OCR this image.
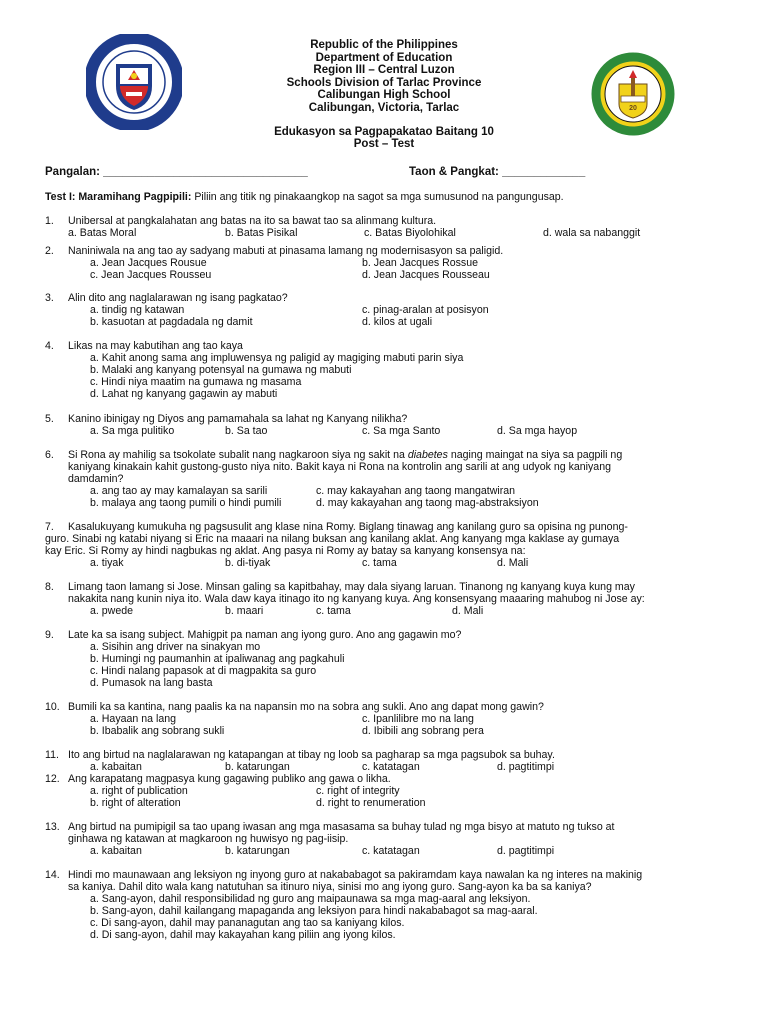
20
Republic of the Philippines
Department of Education
Region III – Central Luzon
Schools Division of Tarlac Province
Calibungan High School
Calibungan, Victoria, Tarlac
Edukasyon sa Pagpapakatao Baitang 10
Post – Test
Pangalan: ________________________________	Taon & Pangkat: _____________
Test I: Maramihang Pagpipili: Piliin ang titik ng pinakaangkop na sagot sa mga sumusunod na pangungusap.
1. Unibersal at pangkalahatan ang batas na ito sa bawat tao sa alinmang kultura.
a. Batas Moral	b. Batas Pisikal	c. Batas Biyolohikal	d. wala sa nabanggit
2. Naniniwala na ang tao ay sadyang mabuti at pinasama lamang ng modernisasyon sa paligid.
a. Jean Jacques Rousue	b. Jean Jacques Rossue
c. Jean Jacques Rousseu	d. Jean Jacques Rousseau
3. Alin dito ang naglalarawan ng isang pagkatao?
a. tindig ng katawan	c. pinag-aralan at posisyon
b. kasuotan at pagdadala ng damit	d. kilos at ugali
4. Likas na may kabutihan ang tao kaya
a. Kahit anong sama ang impluwensya ng paligid ay magiging mabuti parin siya
b. Malaki ang kanyang potensyal na gumawa ng mabuti
c. Hindi niya maatim na gumawa ng masama
d. Lahat ng kanyang gagawin ay mabuti
5. Kanino ibinigay ng Diyos ang pamamahala sa lahat ng Kanyang nilikha?
a. Sa mga pulitiko	b. Sa tao	c. Sa mga Santo	d. Sa mga hayop
6. Si Rona ay mahilig sa tsokolate subalit nang nagkaroon siya ng sakit na diabetes naging maingat na siya sa pagpili ng
kaniyang kinakain kahit gustong-gusto niya nito. Bakit kaya ni Rona na kontrolin ang sarili at ang udyok ng kaniyang
damdamin?
a. ang tao ay may kamalayan sa sarili	c. may kakayahan ang taong mangatwiran
b. malaya ang taong pumili o hindi pumili	d. may kakayahan ang taong mag-abstraksiyon
7. Kasalukuyang kumukuha ng pagsusulit ang klase nina Romy. Biglang tinawag ang kanilang guro sa opisina ng punong-
guro. Sinabi ng katabi niyang si Eric na maaari na nilang buksan ang kanilang aklat. Ang kanyang mga kaklase ay gumaya
kay Eric. Si Romy ay hindi nagbukas ng aklat. Ang pasya ni Romy ay batay sa kanyang konsensya na:
a. tiyak	b. di-tiyak	c. tama	d. Mali
8. Limang taon lamang si Jose. Minsan galing sa kapitbahay, may dala siyang laruan. Tinanong ng kanyang kuya kung may
nakakita nang kunin niya ito. Wala daw kaya itinago ito ng kanyang kuya. Ang konsensyang maaaring mahubog ni Jose ay:
a. pwede	b. maari	c. tama	d. Mali
9. Late ka sa isang subject. Mahigpit pa naman ang iyong guro. Ano ang gagawin mo?
a. Sisihin ang driver na sinakyan mo
b. Humingi ng paumanhin at ipaliwanag ang pagkahuli
c. Hindi nalang papasok at di magpakita sa guro
d. Pumasok na lang basta
10. Bumili ka sa kantina, nang paalis ka na napansin mo na sobra ang sukli. Ano ang dapat mong gawin?
a. Hayaan na lang	c. Ipanlilibre mo na lang
b. Ibabalik ang sobrang sukli	d. Ibibili ang sobrang pera
11. Ito ang birtud na naglalarawan ng katapangan at tibay ng loob sa pagharap sa mga pagsubok sa buhay.
a. kabaitan	b. katarungan	c. katatagan	d. pagtitimpi
12. Ang karapatang magpasya kung gagawing publiko ang gawa o likha.
a. right of publication	c. right of integrity
b. right of alteration	d. right to renumeration
13. Ang birtud na pumipigil sa tao upang iwasan ang mga masasama sa buhay tulad ng mga bisyo at matuto ng tukso at
ginhawa ng katawan at magkaroon ng huwisyo ng pag-iisip.
a. kabaitan	b. katarungan	c. katatagan	d. pagtitimpi
14. Hindi mo maunawaan ang leksiyon ng inyong guro at nakababagot sa pakiramdam kaya nawalan ka ng interes na makinig
sa kaniya. Dahil dito wala kang natutuhan sa itinuro niya, sinisi mo ang iyong guro. Sang-ayon ka ba sa kaniya?
a. Sang-ayon, dahil responsibilidad ng guro ang maipaunawa sa mga mag-aaral ang leksiyon.
b. Sang-ayon, dahil kailangang mapaganda ang leksiyon para hindi nakababagot sa mag-aaral.
c. Di sang-ayon, dahil may pananagutan ang tao sa kaniyang kilos.
d. Di sang-ayon, dahil may kakayahan kang piliin ang iyong kilos.
